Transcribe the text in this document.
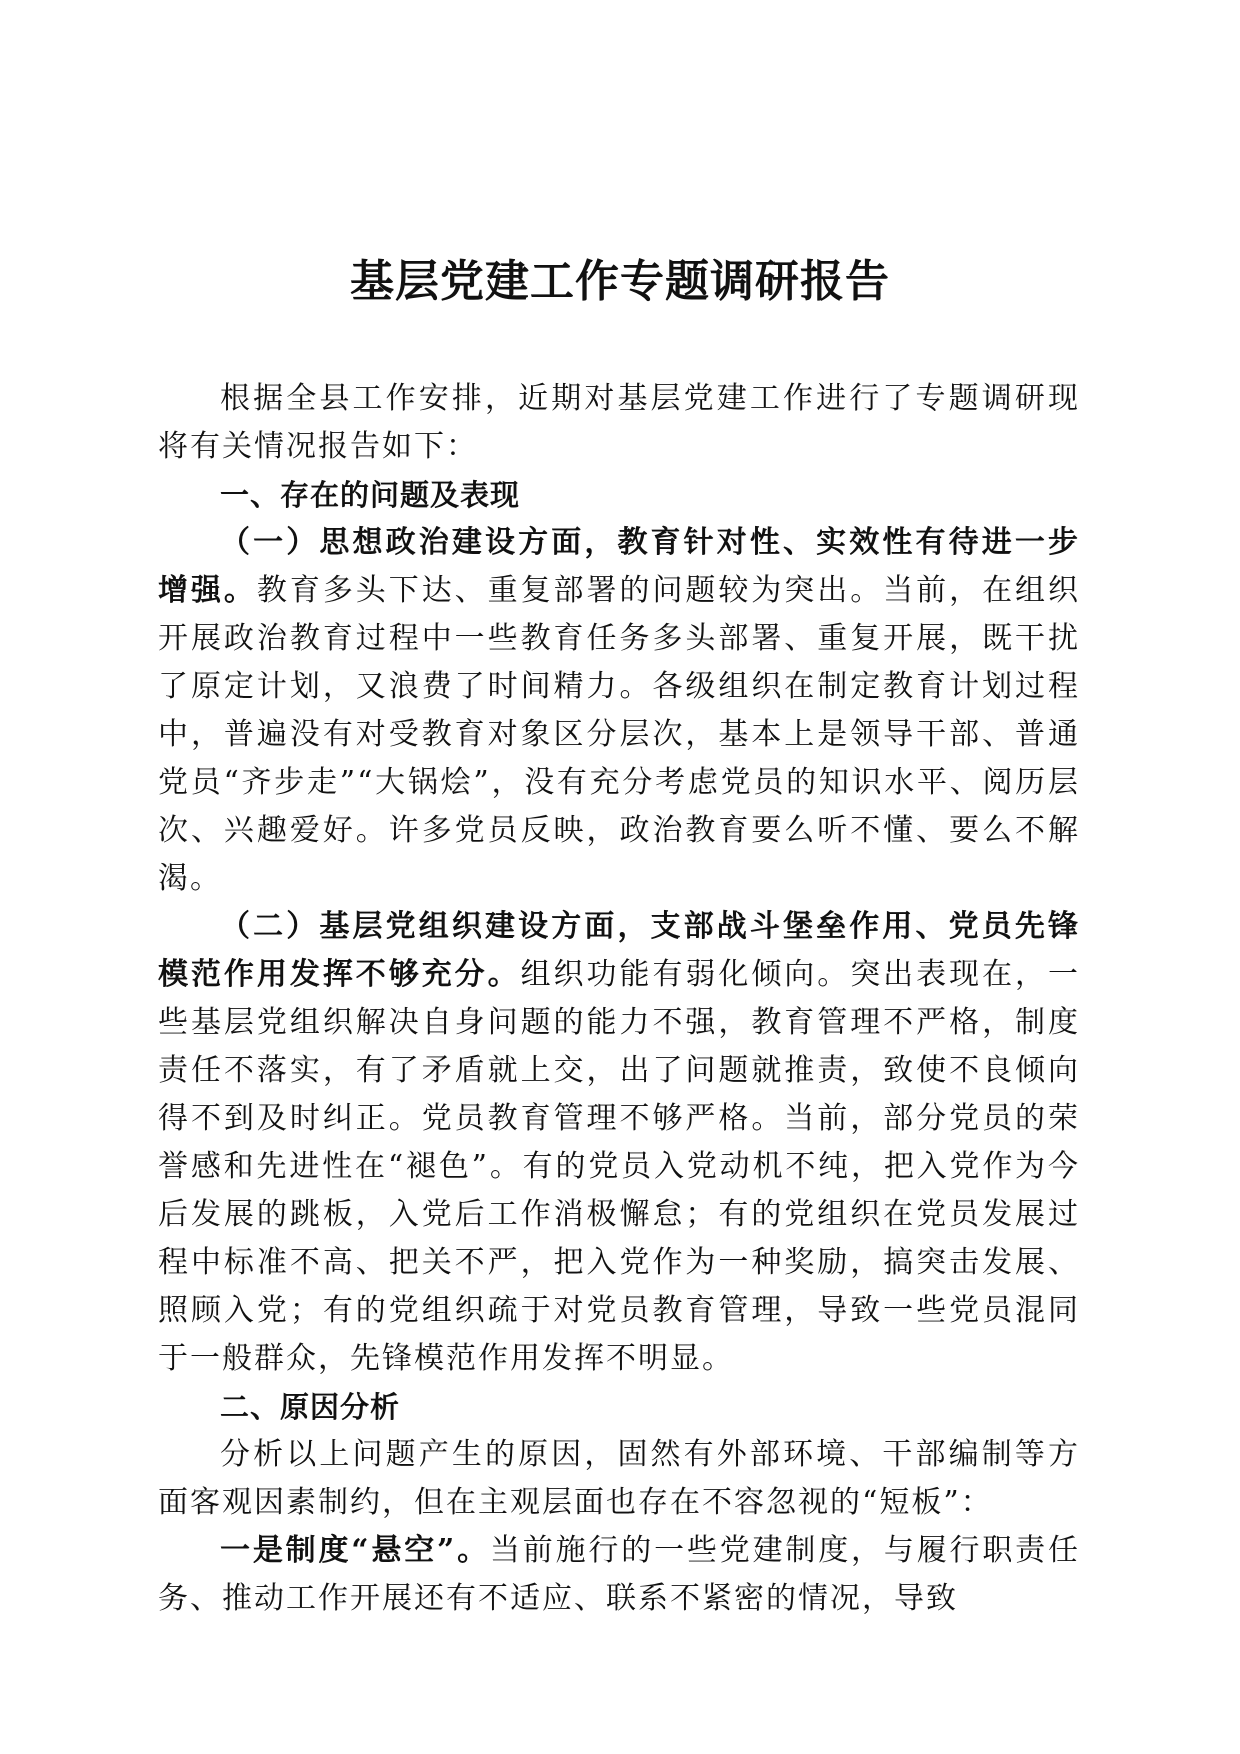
基层党建工作专题调研报告

根据全县工作安排，近期对基层党建工作进行了专题调研现将有关情况报告如下：

一、存在的问题及表现

（一）思想政治建设方面，教育针对性、实效性有待进一步增强。教育多头下达、重复部署的问题较为突出。当前，在组织开展政治教育过程中一些教育任务多头部署、重复开展，既干扰了原定计划，又浪费了时间精力。各级组织在制定教育计划过程中，普遍没有对受教育对象区分层次，基本上是领导干部、普通党员“齐步走”“大锅烩”，没有充分考虑党员的知识水平、阅历层次、兴趣爱好。许多党员反映，政治教育要么听不懂、要么不解渴。

（二）基层党组织建设方面，支部战斗堡垒作用、党员先锋模范作用发挥不够充分。组织功能有弱化倾向。突出表现在，一些基层党组织解决自身问题的能力不强，教育管理不严格，制度责任不落实，有了矛盾就上交，出了问题就推责，致使不良倾向得不到及时纠正。党员教育管理不够严格。当前，部分党员的荣誉感和先进性在“褪色”。有的党员入党动机不纯，把入党作为今后发展的跳板，入党后工作消极懈怠；有的党组织在党员发展过程中标准不高、把关不严，把入党作为一种奖励，搞突击发展、照顾入党；有的党组织疏于对党员教育管理，导致一些党员混同于一般群众，先锋模范作用发挥不明显。

二、原因分析

分析以上问题产生的原因，固然有外部环境、干部编制等方面客观因素制约，但在主观层面也存在不容忽视的“短板”：

一是制度“悬空”。当前施行的一些党建制度，与履行职责任务、推动工作开展还有不适应、联系不紧密的情况，导致
